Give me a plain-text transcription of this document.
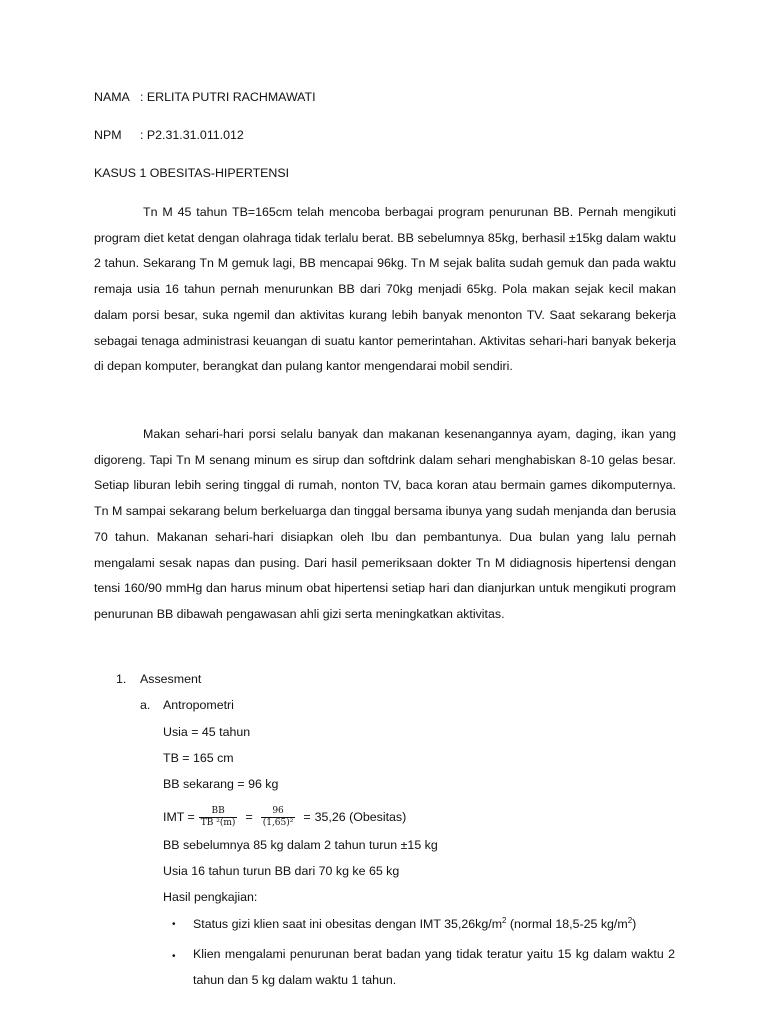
NAMA : ERLITA PUTRI RACHMAWATI
NPM : P2.31.31.011.012
KASUS 1 OBESITAS-HIPERTENSI

Tn M 45 tahun TB=165cm telah mencoba berbagai program penurunan BB. Pernah mengikuti program diet ketat dengan olahraga tidak terlalu berat. BB sebelumnya 85kg, berhasil ±15kg dalam waktu 2 tahun. Sekarang Tn M gemuk lagi, BB mencapai 96kg. Tn M sejak balita sudah gemuk dan pada waktu remaja usia 16 tahun pernah menurunkan BB dari 70kg menjadi 65kg. Pola makan sejak kecil makan dalam porsi besar, suka ngemil dan aktivitas kurang lebih banyak menonton TV. Saat sekarang bekerja sebagai tenaga administrasi keuangan di suatu kantor pemerintahan. Aktivitas sehari-hari banyak bekerja di depan komputer, berangkat dan pulang kantor mengendarai mobil sendiri.

Makan sehari-hari porsi selalu banyak dan makanan kesenangannya ayam, daging, ikan yang digoreng. Tapi Tn M senang minum es sirup dan softdrink dalam sehari menghabiskan 8-10 gelas besar. Setiap liburan lebih sering tinggal di rumah, nonton TV, baca koran atau bermain games dikomputernya. Tn M sampai sekarang belum berkeluarga dan tinggal bersama ibunya yang sudah menjanda dan berusia 70 tahun. Makanan sehari-hari disiapkan oleh Ibu dan pembantunya. Dua bulan yang lalu pernah mengalami sesak napas dan pusing. Dari hasil pemeriksaan dokter Tn M didiagnosis hipertensi dengan tensi 160/90 mmHg dan harus minum obat hipertensi setiap hari dan dianjurkan untuk mengikuti program penurunan BB dibawah pengawasan ahli gizi serta meningkatkan aktivitas.

1. Assesment
a. Antropometri
Usia = 45 tahun
TB = 165 cm
BB sekarang = 96 kg
IMT = $\frac{BB}{\text{TB ²(m)}} = \frac{96}{\text{(1,65)²}} = 35,26$ (Obesitas)
BB sebelumnya 85 kg dalam 2 tahun turun ±15 kg
Usia 16 tahun turun BB dari 70 kg ke 65 kg
Hasil pengkajian:
• Status gizi klien saat ini obesitas dengan IMT $35,26kg/m^2$ (normal 18,5-25 $kg/m^2$)
• Klien mengalami penurunan berat badan yang tidak teratur yaitu 15 kg dalam waktu 2 tahun dan 5 kg dalam waktu 1 tahun.
